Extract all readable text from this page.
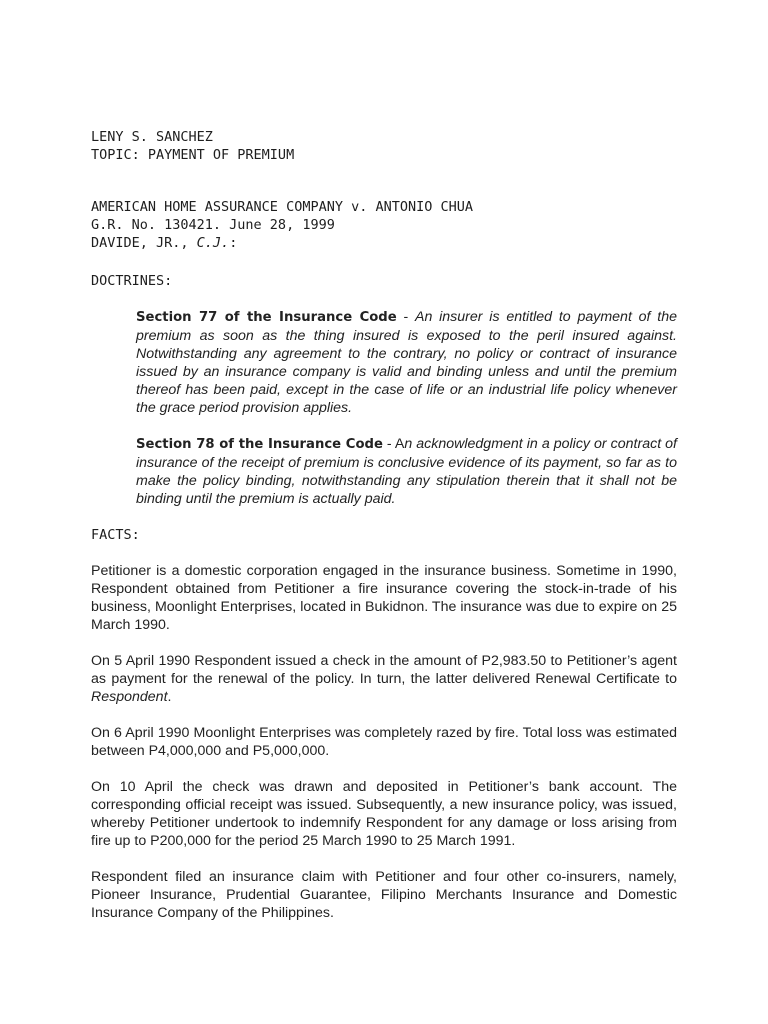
LENY S. SANCHEZ
TOPIC: PAYMENT OF PREMIUM
AMERICAN HOME ASSURANCE COMPANY v. ANTONIO CHUA
G.R. No. 130421. June 28, 1999
DAVIDE, JR., C.J.:
DOCTRINES:

Section 77 of the Insurance Code - An insurer is entitled to payment of the premium as soon as the thing insured is exposed to the peril insured against. Notwithstanding any agreement to the contrary, no policy or contract of insurance issued by an insurance company is valid and binding unless and until the premium thereof has been paid, except in the case of life or an industrial life policy whenever the grace period provision applies.

Section 78 of the Insurance Code - An acknowledgment in a policy or contract of insurance of the receipt of premium is conclusive evidence of its payment, so far as to make the policy binding, notwithstanding any stipulation therein that it shall not be binding until the premium is actually paid.

FACTS:

Petitioner is a domestic corporation engaged in the insurance business. Sometime in 1990, Respondent obtained from Petitioner a fire insurance covering the stock-in-trade of his business, Moonlight Enterprises, located in Bukidnon. The insurance was due to expire on 25 March 1990.

On 5 April 1990 Respondent issued a check in the amount of P2,983.50 to Petitioner’s agent as payment for the renewal of the policy. In turn, the latter delivered Renewal Certificate to Respondent.

On 6 April 1990 Moonlight Enterprises was completely razed by fire. Total loss was estimated between P4,000,000 and P5,000,000.

On 10 April the check was drawn and deposited in Petitioner’s bank account. The corresponding official receipt was issued. Subsequently, a new insurance policy, was issued, whereby Petitioner undertook to indemnify Respondent for any damage or loss arising from fire up to P200,000 for the period 25 March 1990 to 25 March 1991.

Respondent filed an insurance claim with Petitioner and four other co-insurers, namely, Pioneer Insurance, Prudential Guarantee, Filipino Merchants Insurance and Domestic Insurance Company of the Philippines.
